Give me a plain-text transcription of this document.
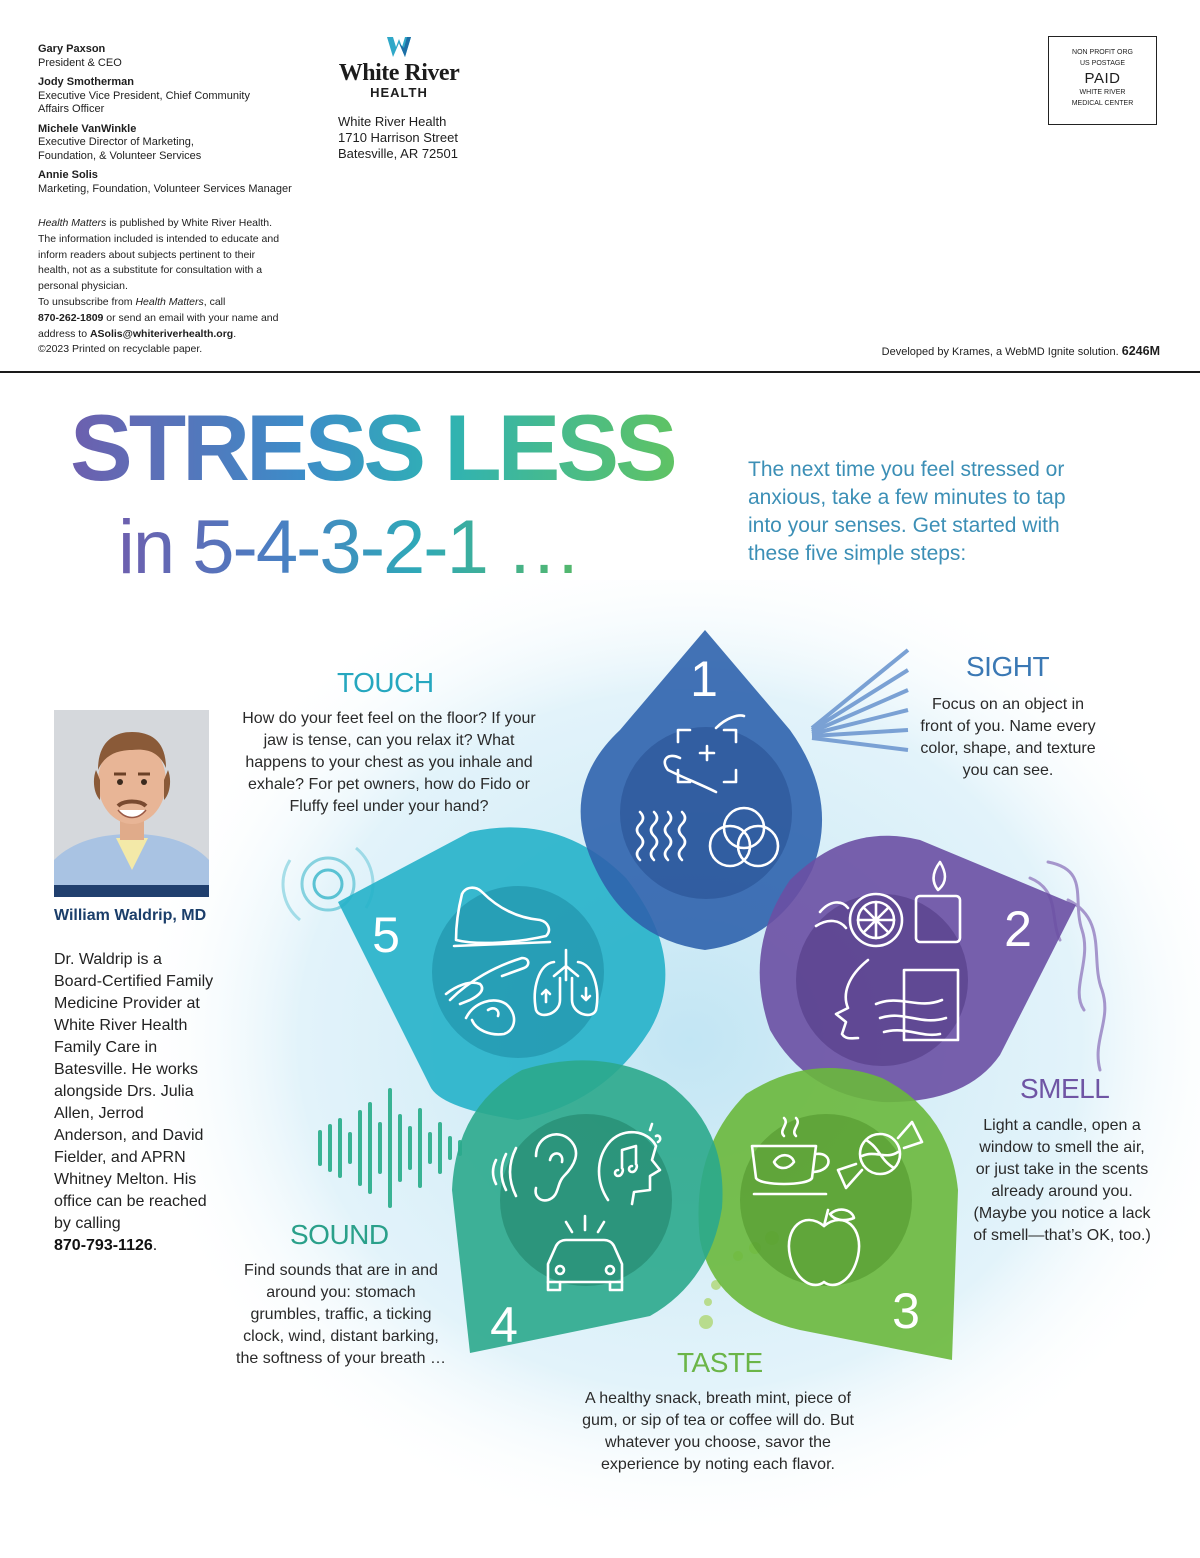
Gary Paxson
President & CEO
Jody Smotherman
Executive Vice President, Chief Community Affairs Officer
Michele VanWinkle
Executive Director of Marketing, Foundation, & Volunteer Services
Annie Solis
Marketing, Foundation, Volunteer Services Manager
Health Matters is published by White River Health. The information included is intended to educate and inform readers about subjects pertinent to their health, not as a substitute for consultation with a personal physician.
To unsubscribe from Health Matters, call
870-262-1809 or send an email with your name and address to ASolis@whiteriverhealth.org.
©2023 Printed on recyclable paper.
White River
HEALTH
White River Health
1710 Harrison Street
Batesville, AR 72501
NON PROFIT ORG
US POSTAGE
PAID
WHITE RIVER
MEDICAL CENTER
Developed by Krames, a WebMD Ignite solution. 6246M
STRESS LESS
in 5-4-3-2-1 …
The next time you feel stressed or anxious, take a few minutes to tap into your senses. Get started with these five simple steps:
1
2
3
4
5
TOUCH
How do your feet feel on the floor? If your jaw is tense, can you relax it? What happens to your chest as you inhale and exhale? For pet owners, how do Fido or Fluffy feel under your hand?
SIGHT
Focus on an object in front of you. Name every color, shape, and texture you can see.
SMELL
Light a candle, open a window to smell the air, or just take in the scents already around you. (Maybe you notice a lack of smell—that’s OK, too.)
SOUND
Find sounds that are in and around you: stomach grumbles, traffic, a ticking clock, wind, distant barking, the softness of your breath …	TASTE
A healthy snack, breath mint, piece of gum, or sip of tea or coffee will do. But whatever you choose, savor the experience by noting each flavor.
William Waldrip, MD
Dr. Waldrip is a Board-Certified Family Medicine Provider at White River Health Family Care in Batesville. He works alongside Drs. Julia Allen, Jerrod Anderson, and David Fielder, and APRN Whitney Melton. His office can be reached by calling
870-793-1126.
